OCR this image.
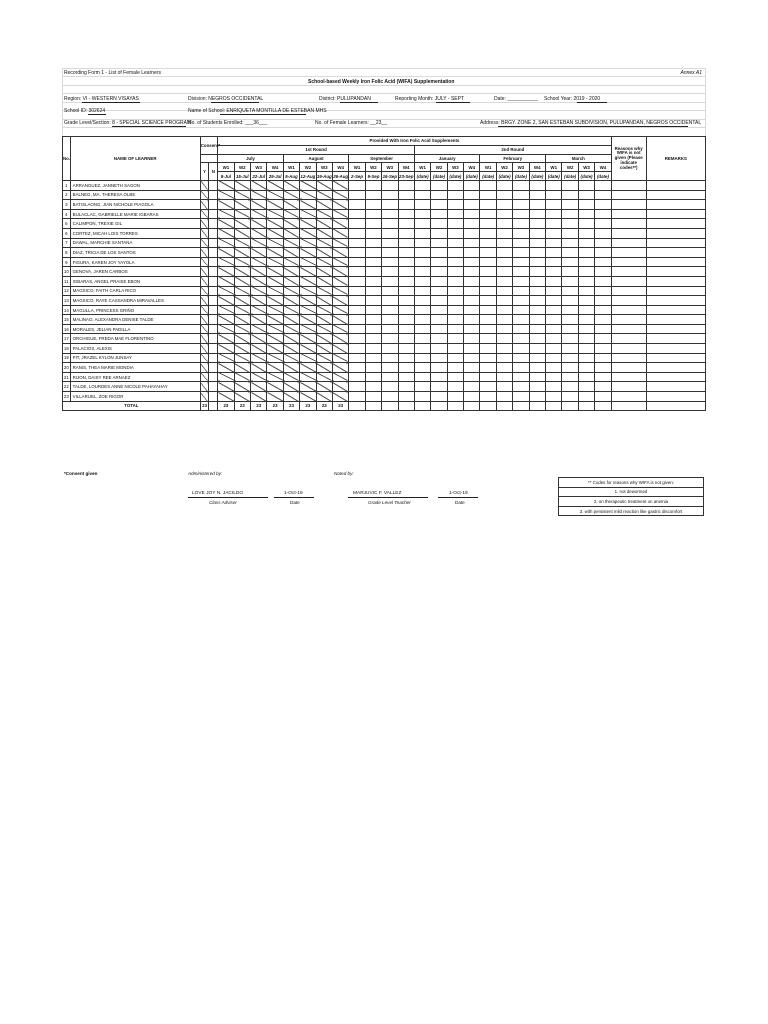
Recording Form 1 - List of Female Learners	Annex A1
School-based Weekly Iron Folic Acid (WIFA) Supplementation
Region: VI - WESTERN VISAYAS	Division: NEGROS OCCIDENTAL	District: PULUPANDAN	Reporting Month: JULY - SEPT	Date: ___________ School Year: 2019 - 2020
School ID: 302624	Name of School: ENRIQUETA MONTILLA DE ESTEBAN MHS
Grade Level/Section: 8 - SPECIAL SCIENCE PROGRAM
No. of Students Enrolled: ___36___	No. of Female Learners: __23__	Address: BRGY. ZONE 2, SAN ESTEBAN SUBDIVISION, PULUPANDAN, NEGROS OCCIDENTAL
No.	NAME OF LEARNER	Consent*		Provided With Iron Folic Acid Supplements																								Reasons why WIFA is not given (Please indicate codes**)	REMARKS
				1st Round												2nd Round													
				July				August				September				January				February				March					
		Y	N	W1	W2	W3	W4	W1	W2	W3	W4	W1	W2	W3	W4	W1	W2	W3	W4	W1	W2	W3	W4	W1	W2	W3	W4		
				8-Jul	15-Jul	22-Jul	29-Jul	5-Aug	12-Aug	19-Aug	26-Aug	2-Sep	9-Sep	16-Sep	23-Sep	(date)	(date)	(date)	(date)	(date)	(date)	(date)	(date)	(date)	(date)	(date)	(date)		
1	ARRANGUEZ, JANNETH SAGON																												
2	BALNEG, MA. THERESA OLBE																												
3	BATISLAONG, JIAN NICHOLE PIAGOLA																												
4	BULACLAC, GABRIELLE MARIE IGBARAS																												
5	CALIMPON, TREXIE GIL																												
6	CORTEZ, MICAH LOIS TORRES																												
7	DAWAL, MARCHIE SANTANA																												
8	DIAZ, TRICIA DE LOS SANTOS																												
9	FIGURA, KAREN JOY YAYOLA																												
10	GENOVA, JAREN CARBOS																												
11	IGBARAS, ANGEL PRAISE EBON																												
12	MAGSICO, FAITH CARLA RICO																												
13	MAGSICO, RAYE CASSANDRA MIRAVALLES																												
14	MAGULLA, PRINCESS GRIÑO																												
15	MALINAO, ALEXANDRA DENISE TALDE																												
16	MORALES, JELIAN PADILLA																												
17	ORCHIGUE, FREDA MAE FLORENTINO																												
18	PALACIOS, ALEXIS																												
19	PIT, JRAZEL KYLON JUNSAY																												
20	RANIS, THEA MARIE MONDIA																												
21	RIJON, DAISY REE ARNAEZ																												
22	TALDE, LOURDES ANNE NICOLE PAHAYAHAY																												
23	VILLARUEL, ZOE RIGOR																												
TOTAL		23		23	23	23	23	23	23	23	23																		
*Consent given	Administered by:	Noted by:
LOVE JOY N. JACILDO	1-Oct-19
Class Adviser	Date
MARJUVIC F. VALLEZ	1-Oct-19
Grade Level Teacher	Date
** Codes for reasons why WIFA is not given:
1. not dewormed
2. on therapeutic treatment on anemia
3. with persistent mild reaction like gastric discomfort
